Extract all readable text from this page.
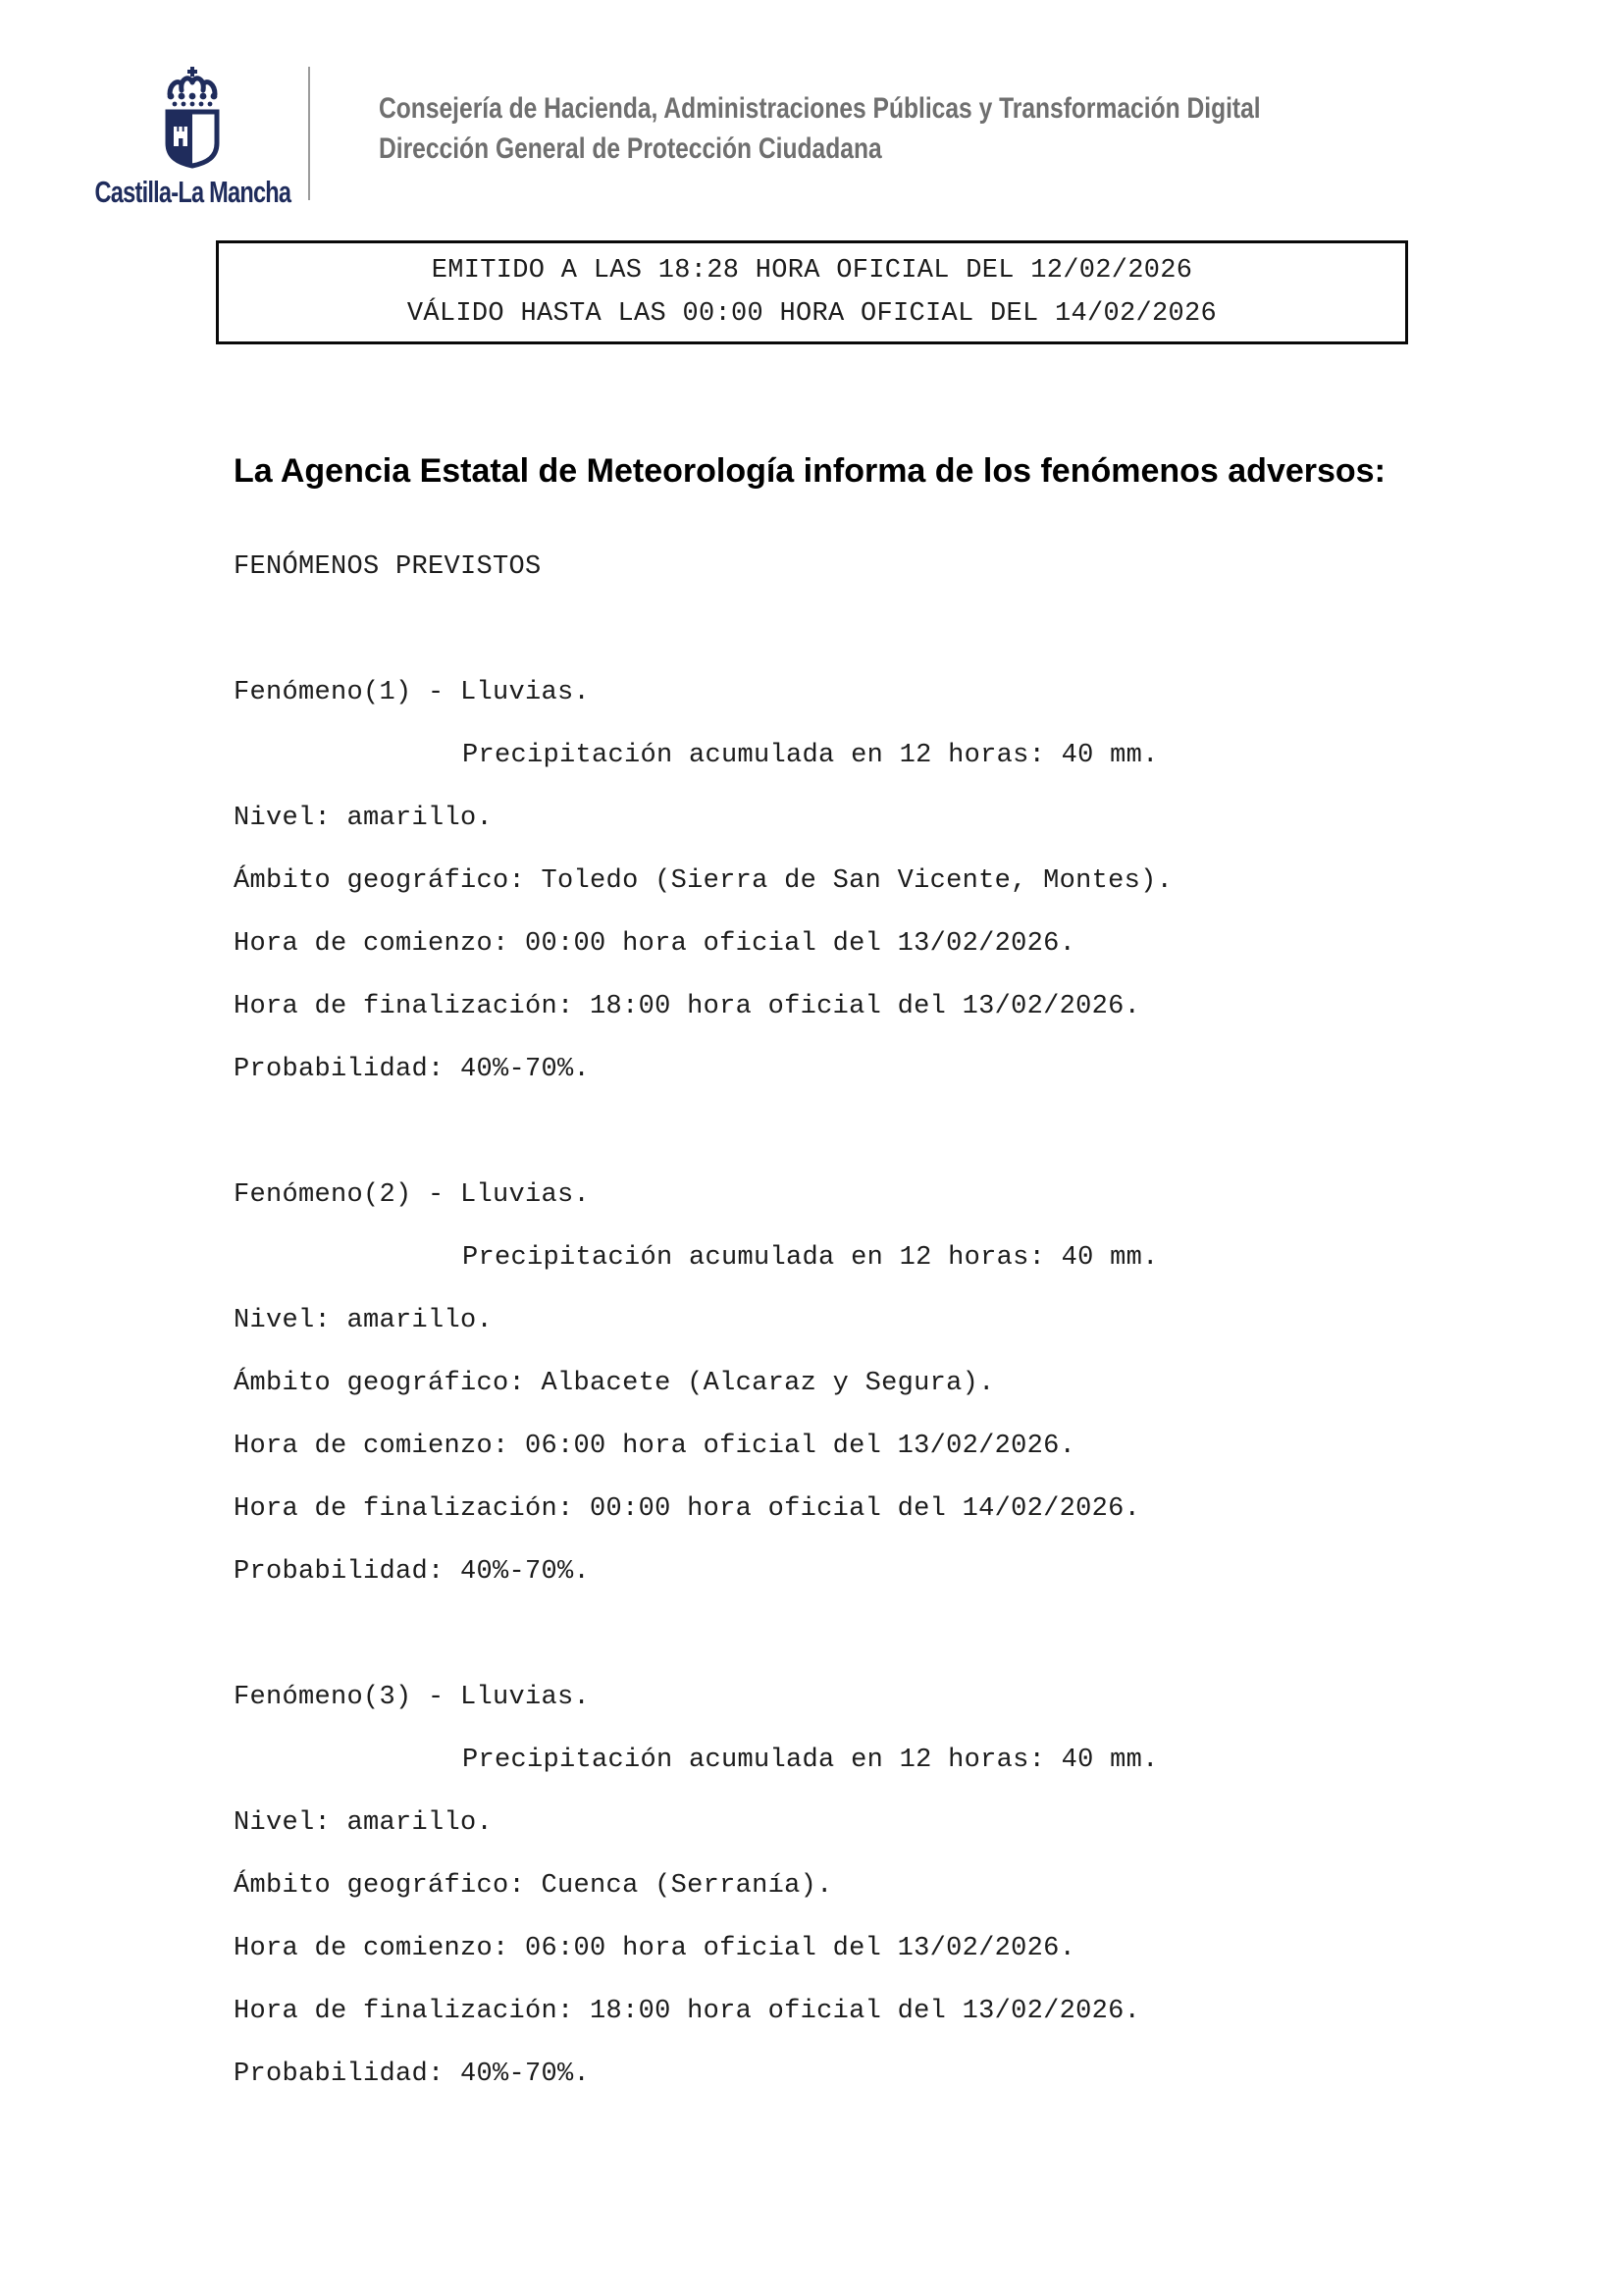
Castilla-La Mancha
Consejería de Hacienda, Administraciones Públicas y Transformación Digital
Dirección General de Protección Ciudadana
EMITIDO A LAS 18:28 HORA OFICIAL DEL 12/02/2026
VÁLIDO HASTA LAS 00:00 HORA OFICIAL DEL 14/02/2026
La Agencia Estatal de Meteorología informa de los fenómenos adversos:
FENÓMENOS PREVISTOS
Fenómeno(1) - Lluvias.
Precipitación acumulada en 12 horas: 40 mm.
Nivel: amarillo.
Ámbito geográfico: Toledo (Sierra de San Vicente, Montes).
Hora de comienzo: 00:00 hora oficial del 13/02/2026.
Hora de finalización: 18:00 hora oficial del 13/02/2026.
Probabilidad: 40%-70%.
Fenómeno(2) - Lluvias.
Precipitación acumulada en 12 horas: 40 mm.
Nivel: amarillo.
Ámbito geográfico: Albacete (Alcaraz y Segura).
Hora de comienzo: 06:00 hora oficial del 13/02/2026.
Hora de finalización: 00:00 hora oficial del 14/02/2026.
Probabilidad: 40%-70%.
Fenómeno(3) - Lluvias.
Precipitación acumulada en 12 horas: 40 mm.
Nivel: amarillo.
Ámbito geográfico: Cuenca (Serranía).
Hora de comienzo: 06:00 hora oficial del 13/02/2026.
Hora de finalización: 18:00 hora oficial del 13/02/2026.
Probabilidad: 40%-70%.
